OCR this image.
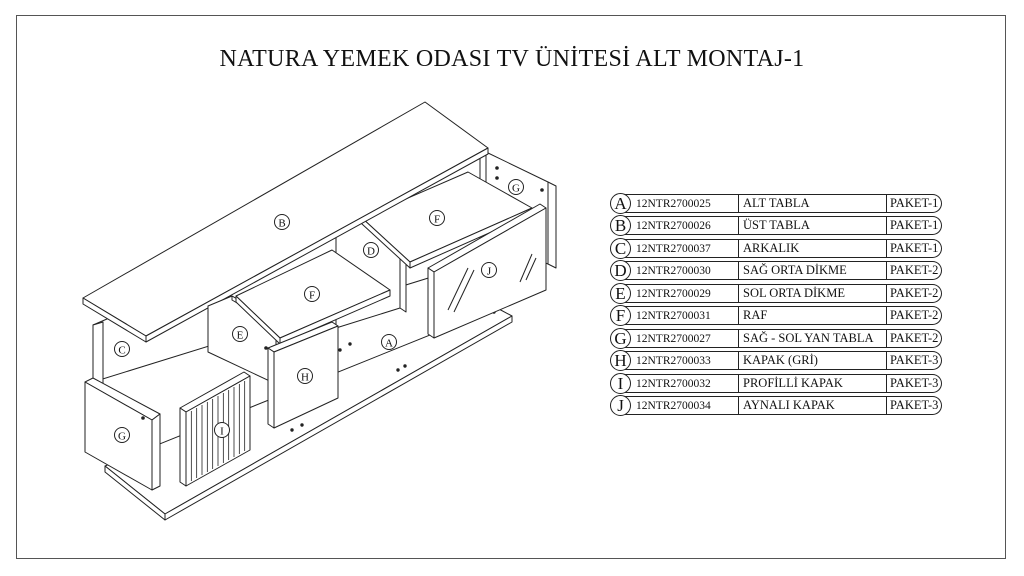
NATURA YEMEK ODASI TV ÜNİTESİ ALT MONTAJ-1
A
B
C
D
E
F
F
G
G
H
I
J
A 12NTR2700025	ALT TABLA	PAKET-1
B 12NTR2700026	ÜST TABLA	PAKET-1
C 12NTR2700037	ARKALIK	PAKET-1
D 12NTR2700030	SAĞ ORTA DİKME	PAKET-2
E 12NTR2700029	SOL ORTA DİKME	PAKET-2
F 12NTR2700031	RAF	PAKET-2
G 12NTR2700027	SAĞ - SOL YAN TABLA	PAKET-2
H 12NTR2700033	KAPAK (GRİ)	PAKET-3
I	12NTR2700032	PROFİLLİ KAPAK	PAKET-3
J	12NTR2700034	AYNALI KAPAK	PAKET-3
